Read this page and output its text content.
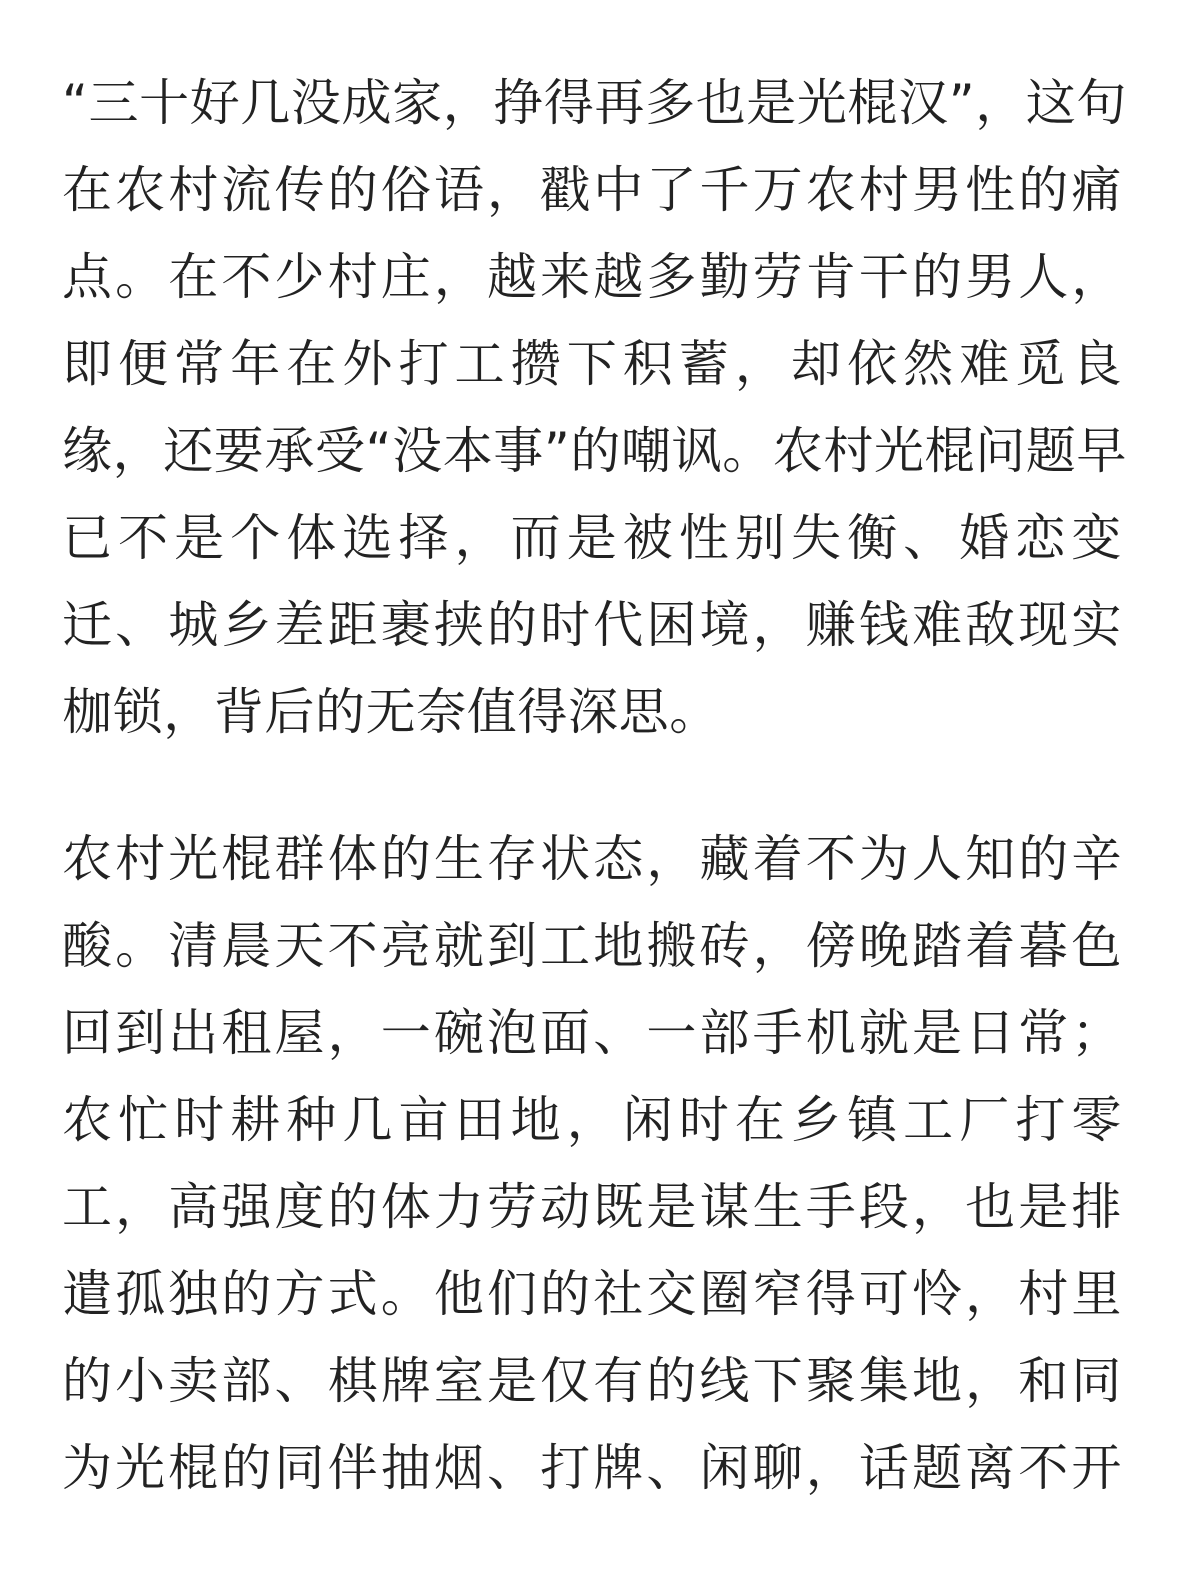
“三十好几没成家，挣得再多也是光棍汉”，这句
在农村流传的俗语，戳中了千万农村男性的痛
点。在不少村庄，越来越多勤劳肯干的男人，
即便常年在外打工攒下积蓄，却依然难觅良
缘，还要承受“没本事”的嘲讽。农村光棍问题早
已不是个体选择，而是被性别失衡、婚恋变
迁、城乡差距裹挟的时代困境，赚钱难敌现实
枷锁，背后的无奈值得深思。
农村光棍群体的生存状态，藏着不为人知的辛
酸。清晨天不亮就到工地搬砖，傍晚踏着暮色
回到出租屋，一碗泡面、一部手机就是日常；
农忙时耕种几亩田地，闲时在乡镇工厂打零
工，高强度的体力劳动既是谋生手段，也是排
遣孤独的方式。他们的社交圈窄得可怜，村里
的小卖部、棋牌室是仅有的线下聚集地，和同
为光棍的同伴抽烟、打牌、闲聊，话题离不开
